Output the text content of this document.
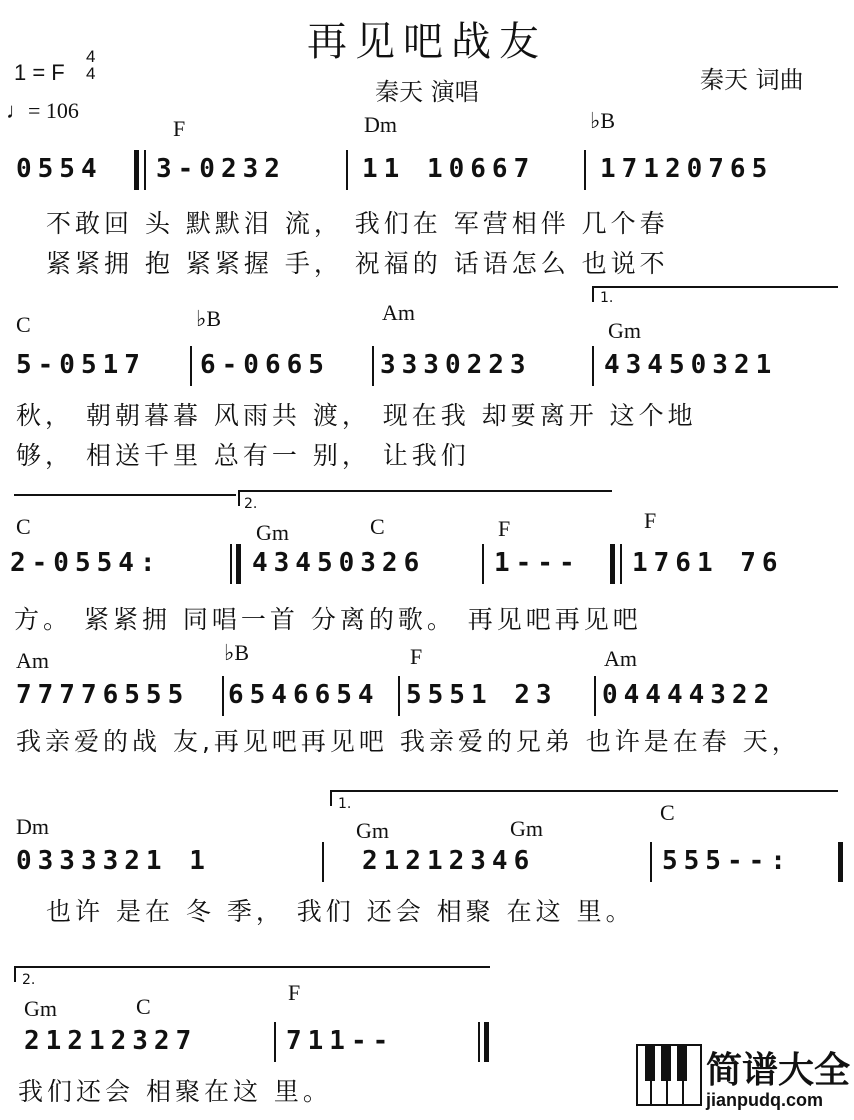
再见吧战友
1 = F
4
4
♩= 106
秦天 演唱	秦天 词曲
F	Dm	♭B
0554 3-0232	11 10667 17120765
不敢回 头 默默泪 流， 我们在 军营相伴 几个春
紧紧拥 抱 紧紧握 手， 祝福的 话语怎么 也说不
C	♭B	Am
Gm
1.
5-0517 6-0665 3330223	43450321
秋， 朝朝暮暮 风雨共 渡， 现在我 却要离开 这个地
够， 相送千里 总有一 别， 让我们
2.
C	Gm	C	F	F
2-0554:	43450326	1--- 1761 76
方。 紧紧拥 同唱一首 分离的歌。 再见吧再见吧
Am	♭B	F	Am
77776555 6546654 5551 23 04444322
我亲爱的战 友,再见吧再见吧 我亲爱的兄弟 也许是在春 天，
Dm
1.
Gm	Gm
C
0333321 1	21212346	555--:
也许 是在 冬 季， 我们 还会 相聚 在这 里。
2.
Gm	C
F
21212327	711--
我们还会 相聚在这 里。
简谱大全
jianpudq.com
